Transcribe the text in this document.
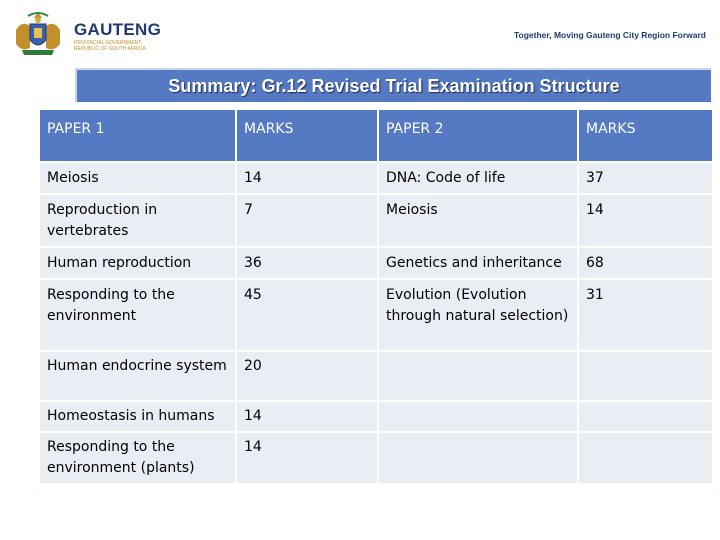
GAUTENG
PROVINCIAL GOVERNMENT REPUBLIC OF SOUTH AFRICA
Together, Moving Gauteng City Region Forward
Summary: Gr.12 Revised Trial Examination Structure
PAPER 1	MARKS	PAPER 2	MARKS
Meiosis	14	DNA: Code of life	37
Reproduction in vertebrates	7	Meiosis	14
Human reproduction	36	Genetics and inheritance	68
Responding to the environment	45	Evolution (Evolution through natural selection)	31
Human endocrine system	20		
Homeostasis in humans	14		
Responding to the environment (plants)	14		
